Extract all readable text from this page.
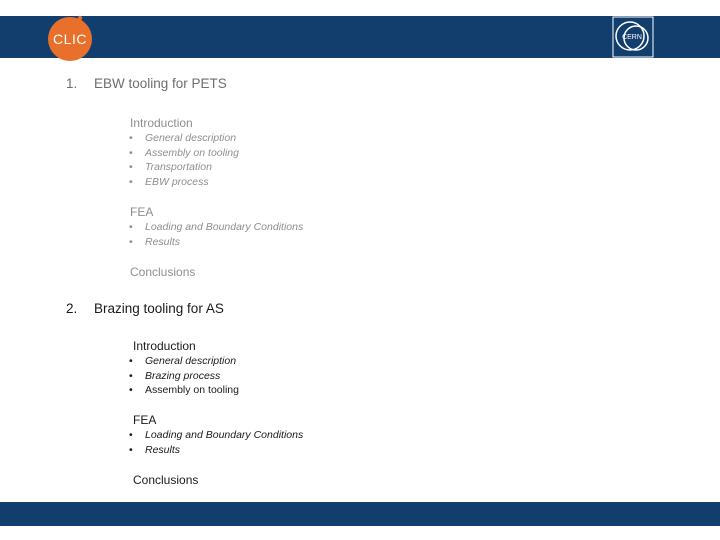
CLIC	CERN
1. EBW tooling for PETS
Introduction
• General description
• Assembly on tooling
• Transportation
• EBW process
FEA
• Loading and Boundary Conditions
• Results
Conclusions
2. Brazing tooling for AS
Introduction
• General description
• Brazing process
• Assembly on tooling
FEA
• Loading and Boundary Conditions
• Results
Conclusions
